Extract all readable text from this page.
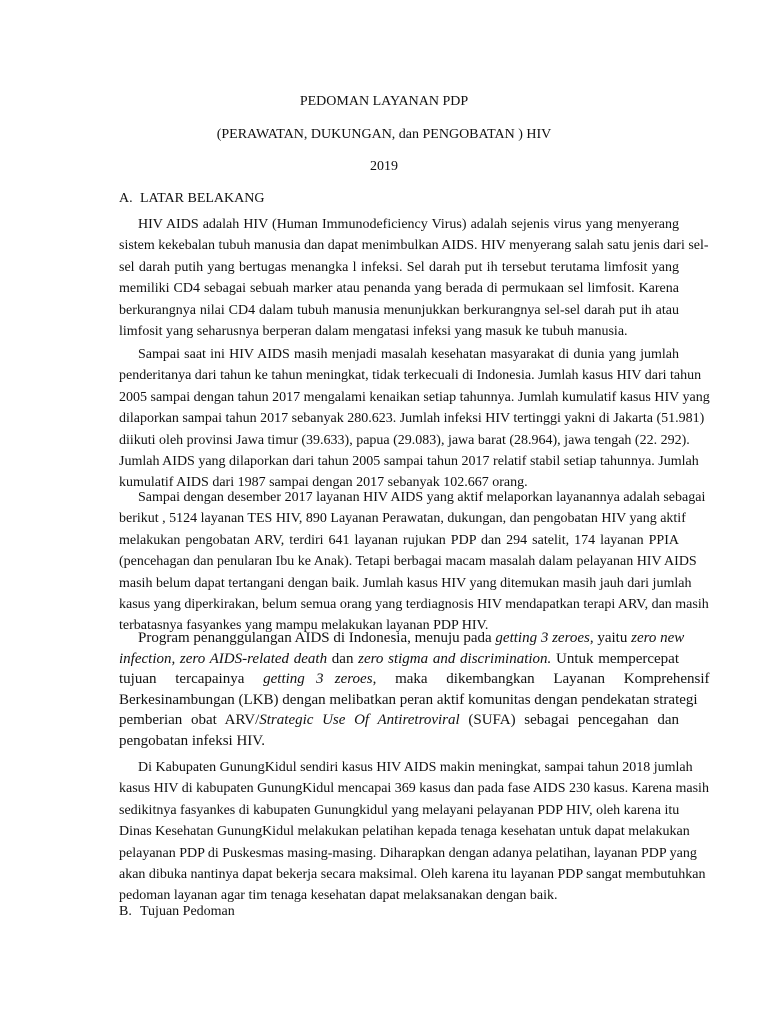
PEDOMAN LAYANAN PDP
(PERAWATAN, DUKUNGAN, dan PENGOBATAN ) HIV
2019
A. LATAR BELAKANG
HIV AIDS adalah HIV (Human Immunodeficiency Virus) adalah sejenis virus yang menyerang
sistem kekebalan tubuh manusia dan dapat menimbulkan AIDS. HIV menyerang salah satu jenis dari sel-
sel darah putih yang bertugas menangka l infeksi. Sel darah put ih tersebut terutama limfosit yang
memiliki CD4 sebagai sebuah marker atau penanda yang berada di permukaan sel limfosit. Karena
berkurangnya nilai CD4 dalam tubuh manusia menunjukkan berkurangnya sel-sel darah put ih atau
limfosit yang seharusnya berperan dalam mengatasi infeksi yang masuk ke tubuh manusia.
Sampai saat ini HIV AIDS masih menjadi masalah kesehatan masyarakat di dunia yang jumlah
penderitanya dari tahun ke tahun meningkat, tidak terkecuali di Indonesia. Jumlah kasus HIV dari tahun
2005 sampai dengan tahun 2017 mengalami kenaikan setiap tahunnya. Jumlah kumulatif kasus HIV yang
dilaporkan sampai tahun 2017 sebanyak 280.623. Jumlah infeksi HIV tertinggi yakni di Jakarta (51.981)
diikuti oleh provinsi Jawa timur (39.633), papua (29.083), jawa barat (28.964), jawa tengah (22. 292).
Jumlah AIDS yang dilaporkan dari tahun 2005 sampai tahun 2017 relatif stabil setiap tahunnya. Jumlah
kumulatif AIDS dari 1987 sampai dengan 2017 sebanyak 102.667 orang.
Sampai dengan desember 2017 layanan HIV AIDS yang aktif melaporkan layanannya adalah sebagai
berikut , 5124 layanan TES HIV, 890 Layanan Perawatan, dukungan, dan pengobatan HIV yang aktif
melakukan pengobatan ARV, terdiri 641 layanan rujukan PDP dan 294 satelit, 174 layanan PPIA
(pencehagan dan penularan Ibu ke Anak). Tetapi berbagai macam masalah dalam pelayanan HIV AIDS
masih belum dapat tertangani dengan baik. Jumlah kasus HIV yang ditemukan masih jauh dari jumlah
kasus yang diperkirakan, belum semua orang yang terdiagnosis HIV mendapatkan terapi ARV, dan masih
terbatasnya fasyankes yang mampu melakukan layanan PDP HIV.
Program penanggulangan AIDS di Indonesia, menuju pada getting 3 zeroes, yaitu zero new
infection, zero AIDS-related death dan zero stigma and discrimination. Untuk mempercepat
tujuan     tercapainya     getting   3   zeroes,     maka     dikembangkan     Layanan     Komprehensif
Berkesinambungan (LKB) dengan melibatkan peran aktif komunitas dengan pendekatan strategi
pemberian obat ARV/Strategic Use Of Antiretroviral (SUFA) sebagai pencegahan dan
pengobatan infeksi HIV.
Di Kabupaten GunungKidul sendiri kasus HIV AIDS makin meningkat, sampai tahun 2018 jumlah
kasus HIV di kabupaten GunungKidul mencapai 369 kasus dan pada fase AIDS 230 kasus. Karena masih
sedikitnya fasyankes di kabupaten Gunungkidul yang melayani pelayanan PDP HIV, oleh karena itu
Dinas Kesehatan GunungKidul melakukan pelatihan kepada tenaga kesehatan untuk dapat melakukan
pelayanan PDP di Puskesmas masing-masing. Diharapkan dengan adanya pelatihan, layanan PDP yang
akan dibuka nantinya dapat bekerja secara maksimal. Oleh karena itu layanan PDP sangat membutuhkan
pedoman layanan agar tim tenaga kesehatan dapat melaksanakan dengan baik.
B. Tujuan Pedoman
